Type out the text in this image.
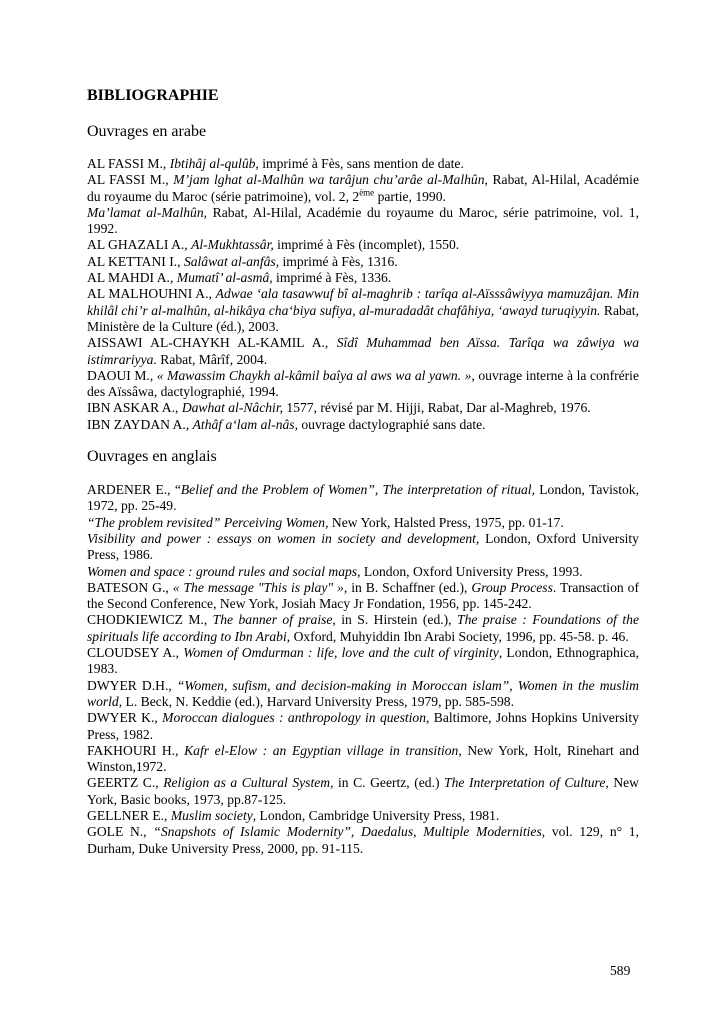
BIBLIOGRAPHIE
Ouvrages en arabe

AL FASSI M., Ibtihâj al-qulûb, imprimé à Fès, sans mention de date.

AL FASSI M., M’jam lghat al-Malhûn wa tarâjun chu’arâe al-Malhûn, Rabat, Al-Hilal, Académie du royaume du Maroc (série patrimoine), vol. 2, 2ème partie, 1990.

Ma’lamat al-Malhûn, Rabat, Al-Hilal, Académie du royaume du Maroc, série patrimoine, vol. 1, 1992.

AL GHAZALI A., Al-Mukhtassâr, imprimé à Fès (incomplet), 1550.

AL KETTANI I., Salâwat al-anfâs, imprimé à Fès, 1316.

AL MAHDI A., Mumatî’ al-asmâ, imprimé à Fès, 1336.

AL MALHOUHNI A., Adwae ‘ala tasawwuf bî al-maghrib : tarîqa al-Aïsssâwiyya mamuzâjan. Min khilâl chi’r al-malhûn, al-hikâya cha‘biya sufiya, al-muradadât chafâhiya, ‘awayd turuqiyyin. Rabat, Ministère de la Culture (éd.), 2003.

AISSAWI AL-CHAYKH AL-KAMIL A., Sîdî Muhammad ben Aïssa. Tarîqa wa zâwiya wa istimrariyya. Rabat, Mârîf, 2004.

DAOUI M., « Mawassim Chaykh al-kâmil baîya al aws wa al yawn. », ouvrage interne à la confrérie des Aïssâwa, dactylographié, 1994.

IBN ASKAR A., Dawhat al-Nâchir, 1577, révisé par M. Hijji, Rabat, Dar al-Maghreb, 1976.

IBN ZAYDAN A., Athâf a‘lam al-nâs, ouvrage dactylographié sans date.

Ouvrages en anglais

ARDENER E., “Belief and the Problem of Women”, The interpretation of ritual, London, Tavistok, 1972, pp. 25-49.

“The problem revisited” Perceiving Women, New York, Halsted Press, 1975, pp. 01-17.

Visibility and power : essays on women in society and development, London, Oxford University Press, 1986.

Women and space : ground rules and social maps, London, Oxford University Press, 1993.

BATESON G., « The message "This is play" », in B. Schaffner (ed.), Group Process. Transaction of the Second Conference, New York, Josiah Macy Jr Fondation, 1956, pp. 145-242.

CHODKIEWICZ M., The banner of praise, in S. Hirstein (ed.), The praise : Foundations of the spirituals life according to Ibn Arabi, Oxford, Muhyiddin Ibn Arabi Society, 1996, pp. 45-58. p. 46.

CLOUDSEY A., Women of Omdurman : life, love and the cult of virginity, London, Ethnographica, 1983.

DWYER D.H., “Women, sufism, and decision-making in Moroccan islam”, Women in the muslim world, L. Beck, N. Keddie (ed.), Harvard University Press, 1979, pp. 585-598.

DWYER K., Moroccan dialogues : anthropology in question, Baltimore, Johns Hopkins University Press, 1982.

FAKHOURI H., Kafr el-Elow : an Egyptian village in transition, New York, Holt, Rinehart and Winston,1972.

GEERTZ C., Religion as a Cultural System, in C. Geertz, (ed.) The Interpretation of Culture, New York, Basic books, 1973, pp.87-125.

GELLNER E., Muslim society, London, Cambridge University Press, 1981.

GOLE N., “Snapshots of Islamic Modernity”, Daedalus, Multiple Modernities, vol. 129, n° 1, Durham, Duke University Press, 2000, pp. 91-115.

589
